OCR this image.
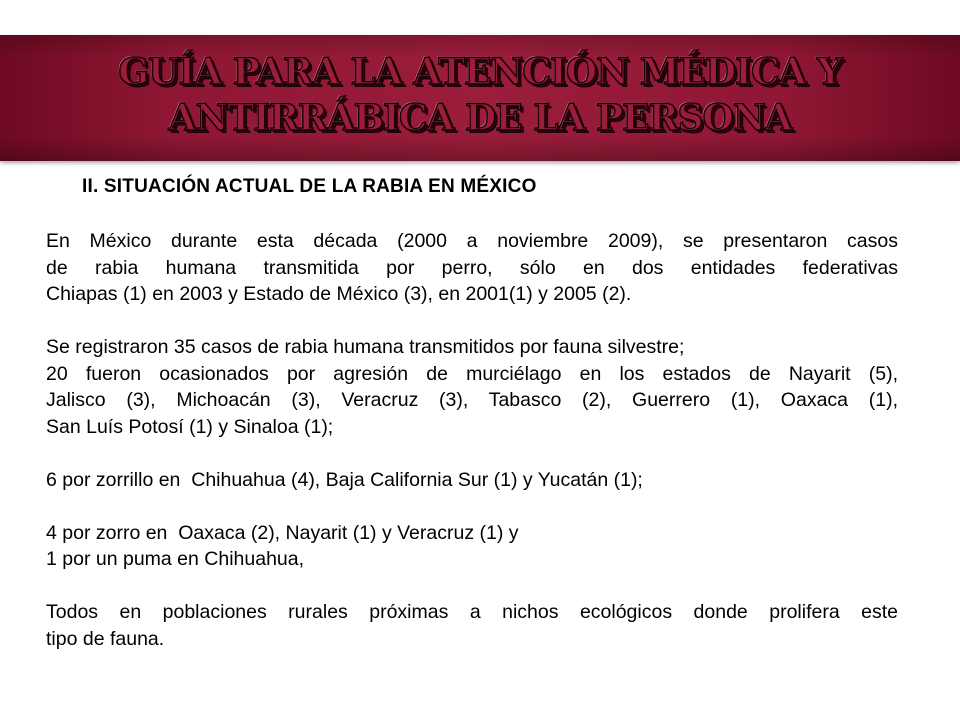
GUÍA PARA LA ATENCIÓN MÉDICA Y
ANTIRRÁBICA DE LA PERSONA
II. SITUACIÓN ACTUAL DE LA RABIA EN MÉXICO
En México durante esta década (2000 a noviembre 2009), se presentaron casos
de rabia humana transmitida por perro, sólo en dos entidades federativas
Chiapas (1) en 2003 y Estado de México (3), en 2001(1) y 2005 (2).
Se registraron 35 casos de rabia humana transmitidos por fauna silvestre;
20 fueron ocasionados por agresión de murciélago en los estados de Nayarit (5),
Jalisco (3), Michoacán (3), Veracruz (3), Tabasco (2), Guerrero (1), Oaxaca (1),
San Luís Potosí (1) y Sinaloa (1);
6 por zorrillo en  Chihuahua (4), Baja California Sur (1) y Yucatán (1);
4 por zorro en  Oaxaca (2), Nayarit (1) y Veracruz (1) y
1 por un puma en Chihuahua,
Todos en poblaciones rurales próximas a nichos ecológicos donde prolifera este
tipo de fauna.
